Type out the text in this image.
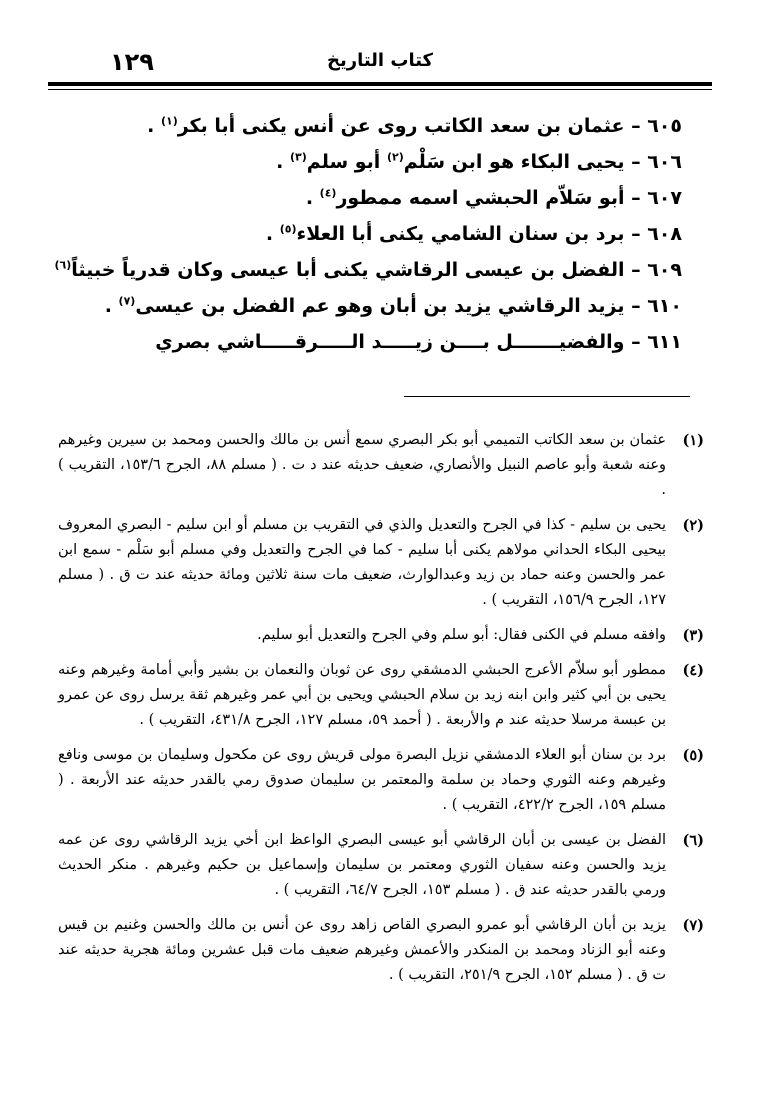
١٢٩	كتاب التاريخ
٦٠٥ – عثمان بن سعد الكاتب روى عن أنس يكنى أبا بكر$^{(١)}$ .
٦٠٦ – يحيى البكاء هو ابن سَلْم$^{(٢)}$ أبو سلم$^{(٣)}$ .
٦٠٧ – أبو سَلاّم الحبشي اسمه ممطور$^{(٤)}$ .
٦٠٨ – برد بن سنان الشامي يكنى أبا العلاء$^{(٥)}$ .
٦٠٩ – الفضل بن عيسى الرقاشي يكنى أبا عيسى وكان قدرياً خبيثاً$^{(٦)}$
٦١٠ – يزيد الرقاشي يزيد بن أبان وهو عم الفضل بن عيسى$^{(٧)}$ .
٦١١ – والفضيـــــــل بــــن زيـــــد الـــــرقـــــاشي بصري
(١)
عثمان بن سعد الكاتب التميمي أبو بكر البصري سمع أنس بن مالك والحسن ومحمد بن سيرين وغيرهم وعنه شعبة وأبو عاصم النبيل والأنصاري، ضعيف حديثه عند د ت . ( مسلم ٨٨، الجرح ١٥٣/٦، التقريب ) .
(٢)
يحيى بن سليم - كذا في الجرح والتعديل والذي في التقريب بن مسلم أو ابن سليم - البصري المعروف بيحيى البكاء الحداني مولاهم يكنى أبا سليم - كما في الجرح والتعديل وفي مسلم أبو سَلْم - سمع ابن عمر والحسن وعنه حماد بن زيد وعبدالوارث، ضعيف مات سنة ثلاثين ومائة حديثه عند ت ق . ( مسلم ١٢٧، الجرح ١٥٦/٩، التقريب ) .
(٣)
وافقه مسلم في الكنى فقال: أبو سلم وفي الجرح والتعديل أبو سليم.
(٤)
ممطور أبو سلاّم الأعرج الحبشي الدمشقي روى عن ثوبان والنعمان بن بشير وأبي أمامة وغيرهم وعنه يحيى بن أبي كثير وابن ابنه زيد بن سلام الحبشي ويحيى بن أبي عمر وغيرهم ثقة يرسل روى عن عمرو بن عبسة مرسلا حديثه عند م والأربعة . ( أحمد ٥٩، مسلم ١٢٧، الجرح ٤٣١/٨، التقريب ) .
(٥)
برد بن سنان أبو العلاء الدمشقي نزيل البصرة مولى قريش روى عن مكحول وسليمان بن موسى ونافع وغيرهم وعنه الثوري وحماد بن سلمة والمعتمر بن سليمان صدوق رمي بالقدر حديثه عند الأربعة . ( مسلم ١٥٩، الجرح ٤٢٢/٢، التقريب ) .
(٦)
الفضل بن عيسى بن أبان الرقاشي أبو عيسى البصري الواعظ ابن أخي يزيد الرقاشي روى عن عمه يزيد والحسن وعنه سفيان الثوري ومعتمر بن سليمان وإسماعيل بن حكيم وغيرهم . منكر الحديث ورمي بالقدر حديثه عند ق . ( مسلم ١٥٣، الجرح ٦٤/٧، التقريب ) .
(٧)
يزيد بن أبان الرقاشي أبو عمرو البصري القاص زاهد روى عن أنس بن مالك والحسن وغنيم بن قيس وعنه أبو الزناد ومحمد بن المنكدر والأعمش وغيرهم ضعيف مات قبل عشرين ومائة هجرية حديثه عند ت ق . ( مسلم ١٥٢، الجرح ٢٥١/٩، التقريب ) .
